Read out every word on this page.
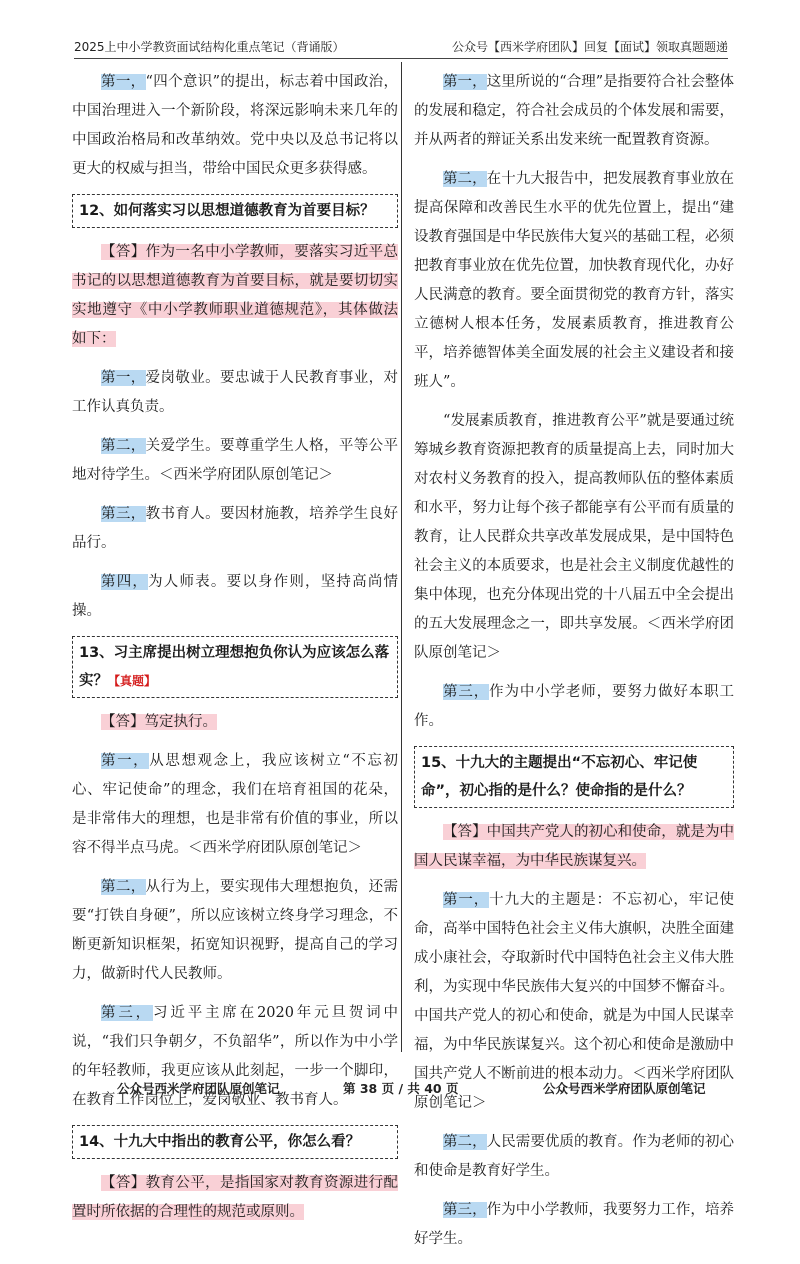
2025上中小学教资面试结构化重点笔记（背诵版）	公众号【西米学府团队】回复【面试】领取真题题递

第一，“四个意识”的提出，标志着中国政治，中国治理进入一个新阶段，将深远影响未来几年的中国政治格局和改革纳效。党中央以及总书记将以更大的权威与担当，带给中国民众更多获得感。

12、如何落实习以思想道德教育为首要目标？

【答】作为一名中小学教师，要落实习近平总书记的以思想道德教育为首要目标，就是要切切实实地遵守《中小学教师职业道德规范》，其体做法如下：

第一，爱岗敬业。要忠诚于人民教育事业，对工作认真负责。

第二，关爱学生。要尊重学生人格，平等公平地对待学生。＜西米学府团队原创笔记＞

第三，教书育人。要因材施教，培养学生良好品行。

第四，为人师表。要以身作则，坚持高尚情操。

13、习主席提出树立理想抱负你认为应该怎么落实？【真题】

【答】笃定执行。

第一，从思想观念上，我应该树立“不忘初心、牢记使命”的理念，我们在培育祖国的花朵，是非常伟大的理想，也是非常有价值的事业，所以容不得半点马虎。＜西米学府团队原创笔记＞

第二，从行为上，要实现伟大理想抱负，还需要“打铁自身硬”，所以应该树立终身学习理念，不断更新知识框架，拓宽知识视野，提高自己的学习力，做新时代人民教师。

第三，习近平主席在2020年元旦贺词中说，“我们只争朝夕，不负韶华”，所以作为中小学的年轻教师，我更应该从此刻起，一步一个脚印，在教育工作岗位上，爱岗敬业、教书育人。

14、十九大中指出的教育公平，你怎么看？

【答】教育公平，是指国家对教育资源进行配置时所依据的合理性的规范或原则。

第一，这里所说的“合理”是指要符合社会整体的发展和稳定，符合社会成员的个体发展和需要，并从两者的辩证关系出发来统一配置教育资源。

第二，在十九大报告中，把发展教育事业放在提高保障和改善民生水平的优先位置上，提出“建设教育强国是中华民族伟大复兴的基础工程，必须把教育事业放在优先位置，加快教育现代化，办好人民满意的教育。要全面贯彻党的教育方针，落实立德树人根本任务，发展素质教育，推进教育公平，培养德智体美全面发展的社会主义建设者和接班人”。

“发展素质教育，推进教育公平”就是要通过统筹城乡教育资源把教育的质量提高上去，同时加大对农村义务教育的投入，提高教师队伍的整体素质和水平，努力让每个孩子都能享有公平而有质量的教育，让人民群众共享改革发展成果，是中国特色社会主义的本质要求，也是社会主义制度优越性的集中体现，也充分体现出党的十八届五中全会提出的五大发展理念之一，即共享发展。＜西米学府团队原创笔记＞

第三，作为中小学老师，要努力做好本职工作。

15、十九大的主题提出“不忘初心、牢记使命”，初心指的是什么？使命指的是什么？

【答】中国共产党人的初心和使命，就是为中国人民谋幸福，为中华民族谋复兴。

第一，十九大的主题是：不忘初心，牢记使命，高举中国特色社会主义伟大旗帜，决胜全面建成小康社会，夺取新时代中国特色社会主义伟大胜利，为实现中华民族伟大复兴的中国梦不懈奋斗。中国共产党人的初心和使命，就是为中国人民谋幸福，为中华民族谋复兴。这个初心和使命是激励中国共产党人不断前进的根本动力。＜西米学府团队原创笔记＞

第二，人民需要优质的教育。作为老师的初心和使命是教育好学生。

第三，作为中小学教师，我要努力工作，培养好学生。

公众号西米学府团队原创笔记	第 38 页 / 共 40 页	公众号西米学府团队原创笔记
